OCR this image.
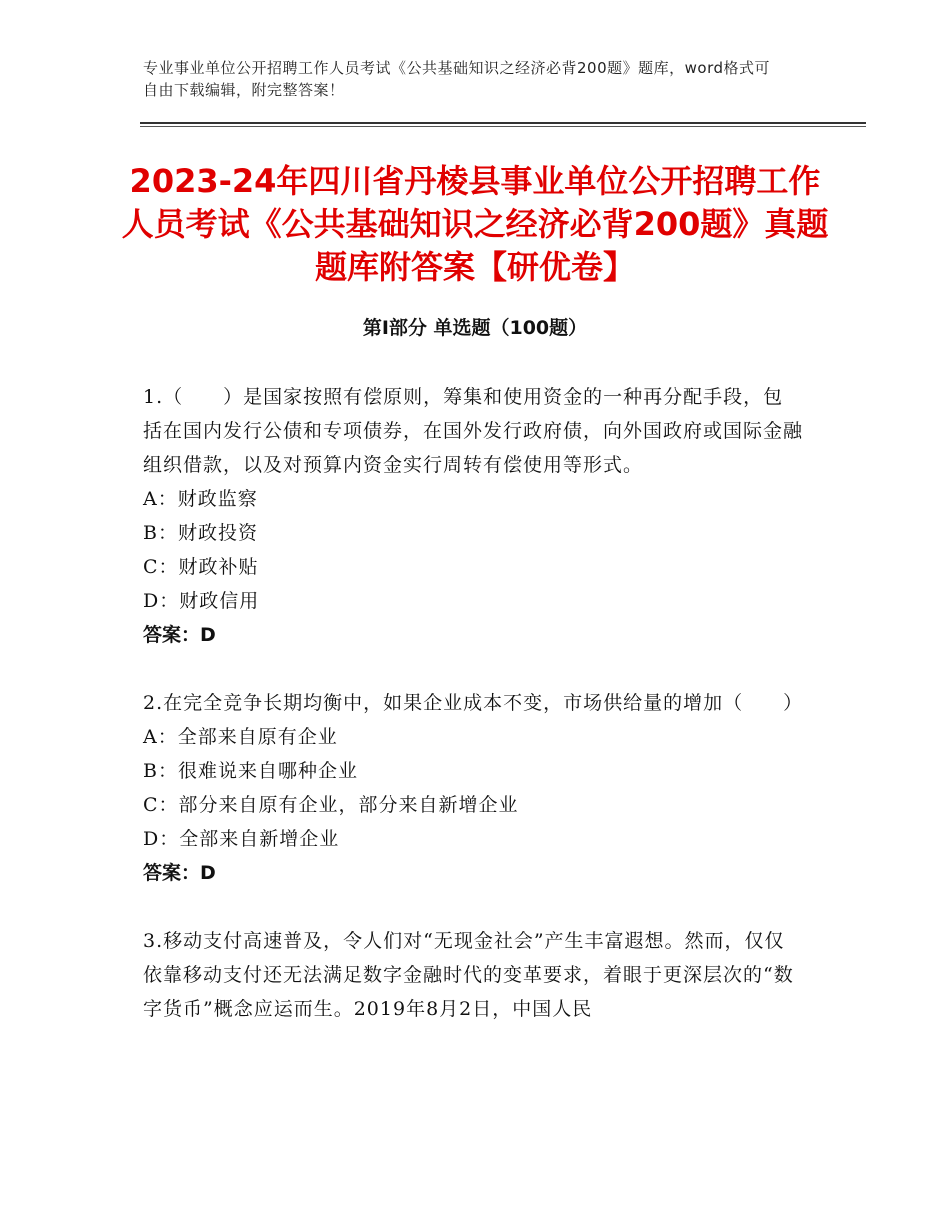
专业事业单位公开招聘工作人员考试《公共基础知识之经济必背200题》题库，word格式可自由下载编辑，附完整答案！
2023-24年四川省丹棱县事业单位公开招聘工作人员考试《公共基础知识之经济必背200题》真题题库附答案【研优卷】
第Ⅰ部分 单选题（100题）

1.（　　）是国家按照有偿原则，筹集和使用资金的一种再分配手段，包括在国内发行公债和专项债券，在国外发行政府债，向外国政府或国际金融组织借款，以及对预算内资金实行周转有偿使用等形式。

A：财政监察

B：财政投资

C：财政补贴

D：财政信用

答案：D

2.在完全竞争长期均衡中，如果企业成本不变，市场供给量的增加（　　）

A：全部来自原有企业

B：很难说来自哪种企业

C：部分来自原有企业，部分来自新增企业

D：全部来自新增企业

答案：D

3.移动支付高速普及，令人们对“无现金社会”产生丰富遐想。然而，仅仅依靠移动支付还无法满足数字金融时代的变革要求，着眼于更深层次的“数字货币”概念应运而生。2019年8月2日，中国人民
